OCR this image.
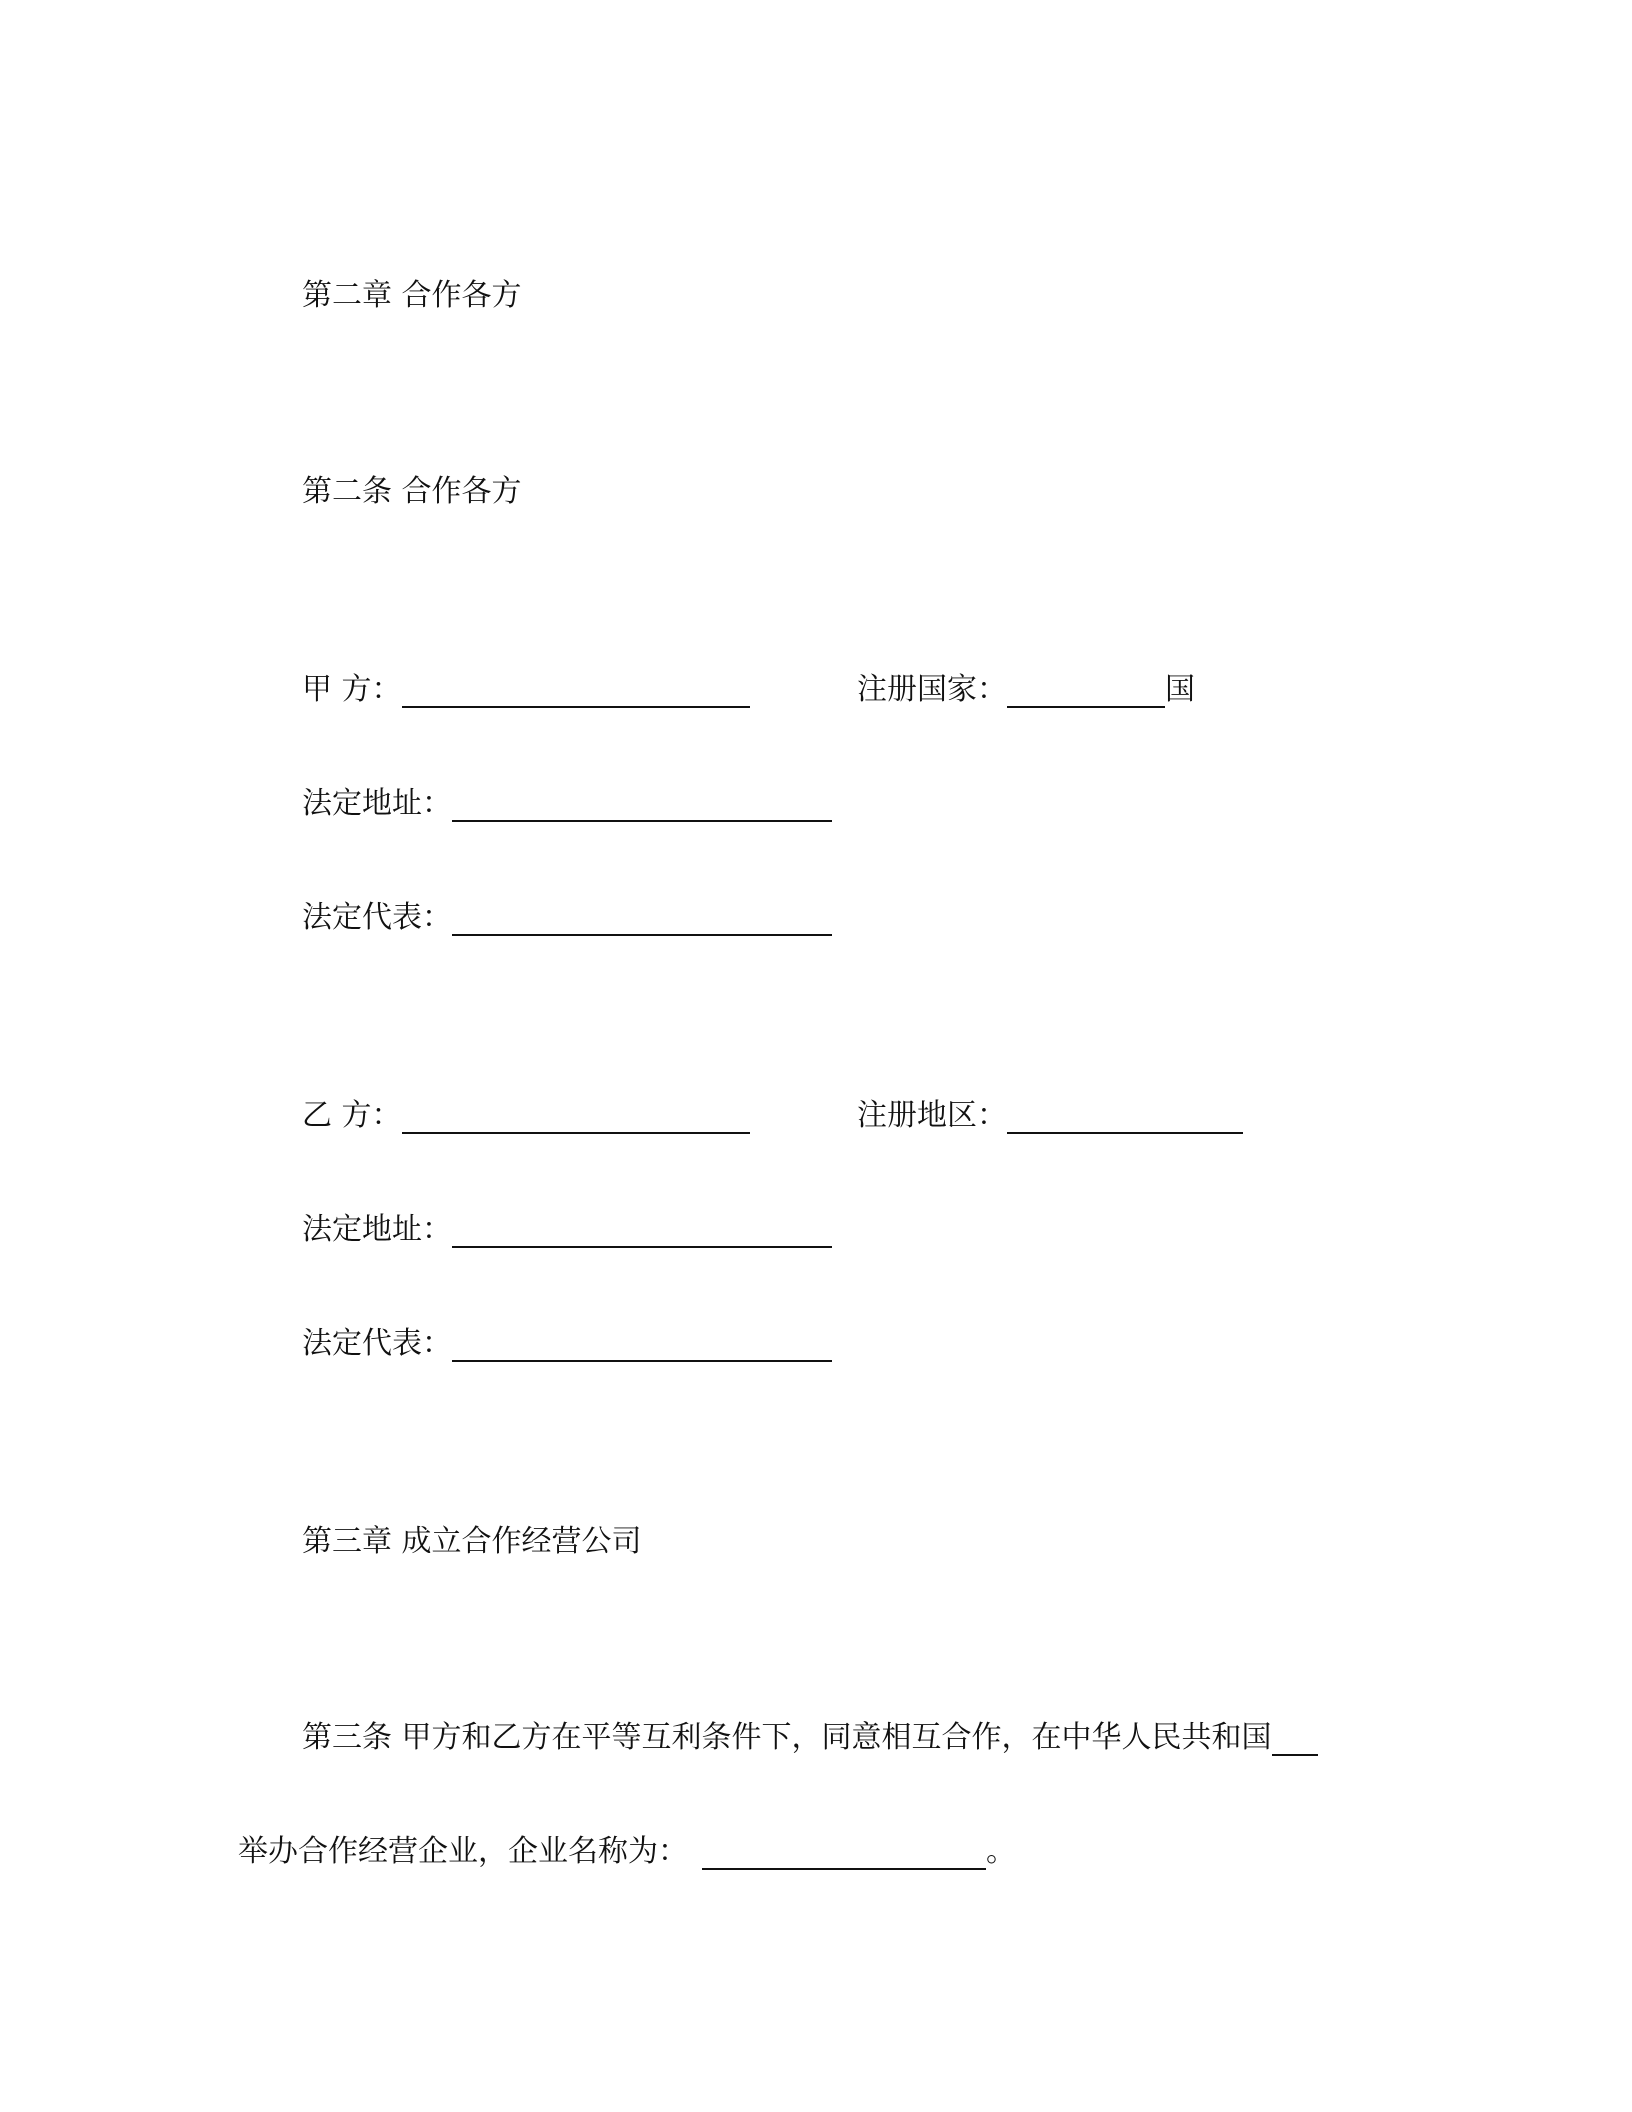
第二章 合作各方
第二条 合作各方
甲 方：	注册国家：	国
法定地址：
法定代表：
乙 方：	注册地区：
法定地址：
法定代表：
第三章 成立合作经营公司
第三条 甲方和乙方在平等互利条件下，同意相互合作，在中华人民共和国
举办合作经营企业，企业名称为：	。
